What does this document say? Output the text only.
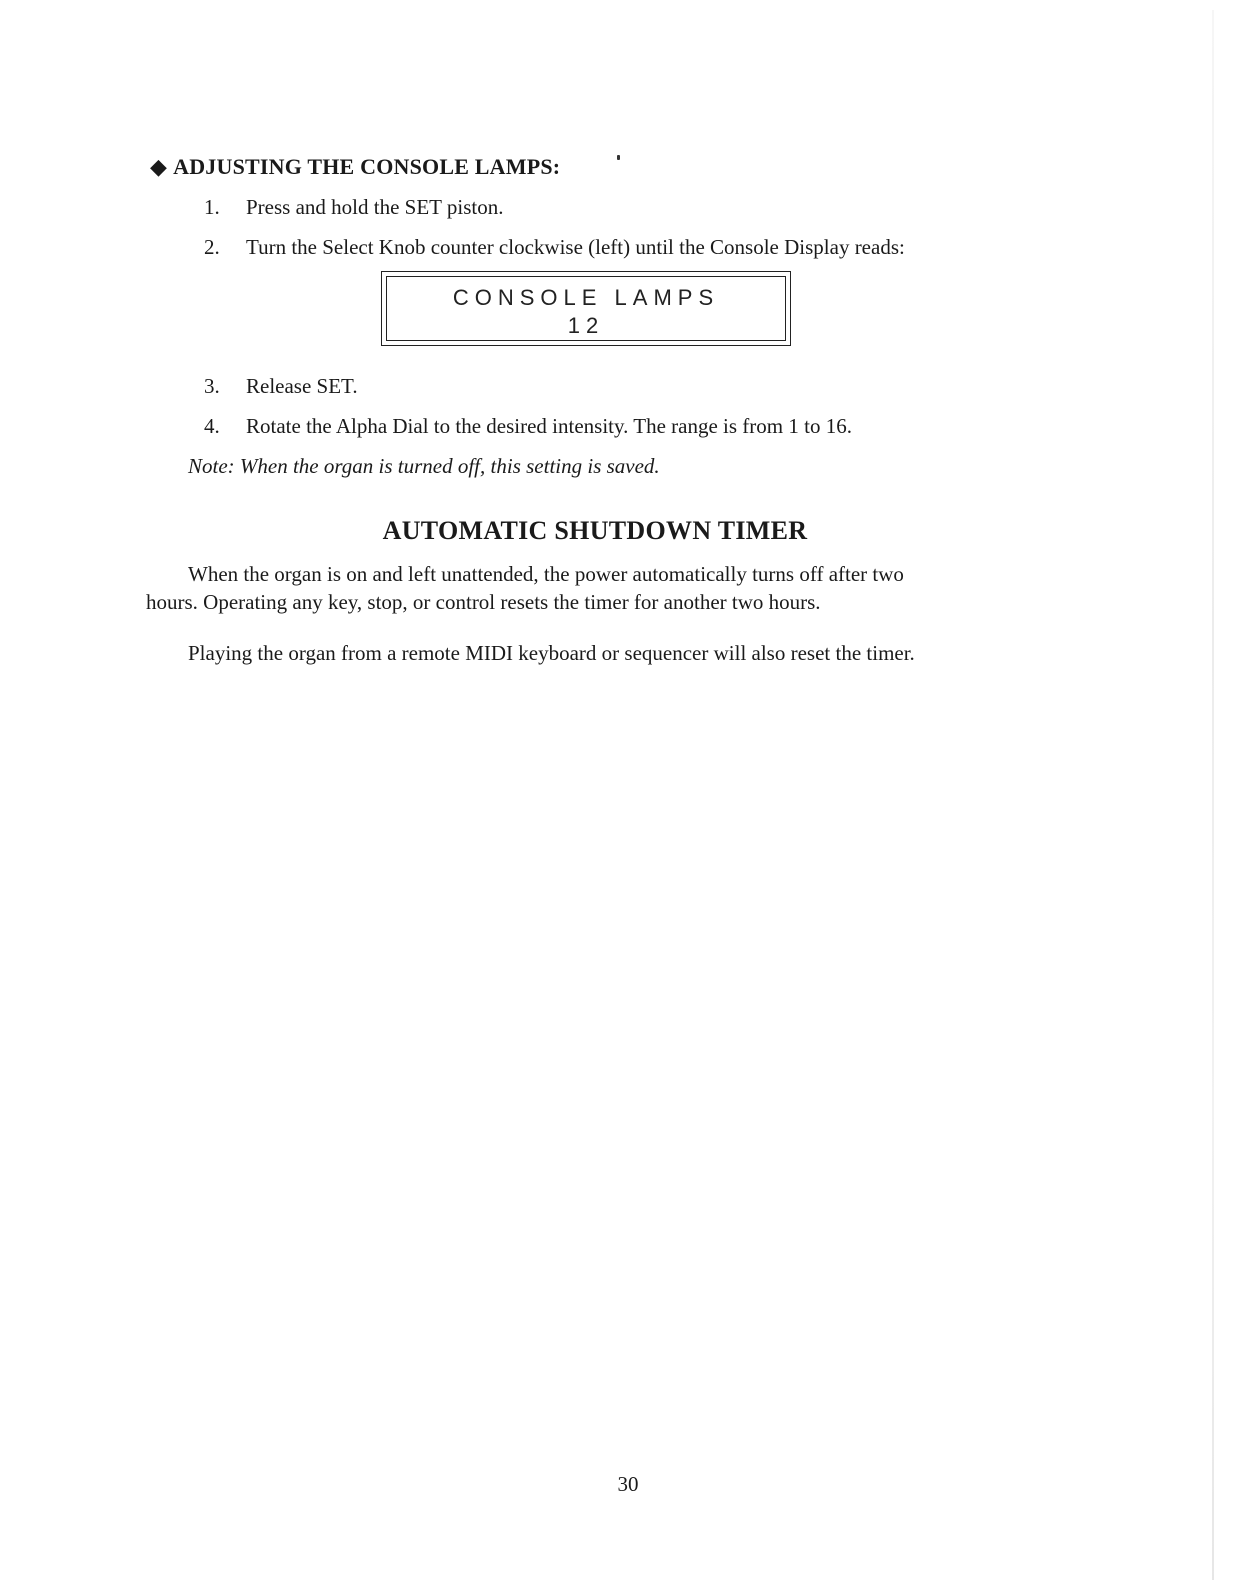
◆ ADJUSTING THE CONSOLE LAMPS:
1. Press and hold the SET piston.
2. Turn the Select Knob counter clockwise (left) until the Console Display reads:
CONSOLE LAMPS
12
3. Release SET.
4. Rotate the Alpha Dial to the desired intensity. The range is from 1 to 16.
Note: When the organ is turned off, this setting is saved.
AUTOMATIC SHUTDOWN TIMER
When the organ is on and left unattended, the power automatically turns off after two
hours. Operating any key, stop, or control resets the timer for another two hours.
Playing the organ from a remote MIDI keyboard or sequencer will also reset the timer.
30
